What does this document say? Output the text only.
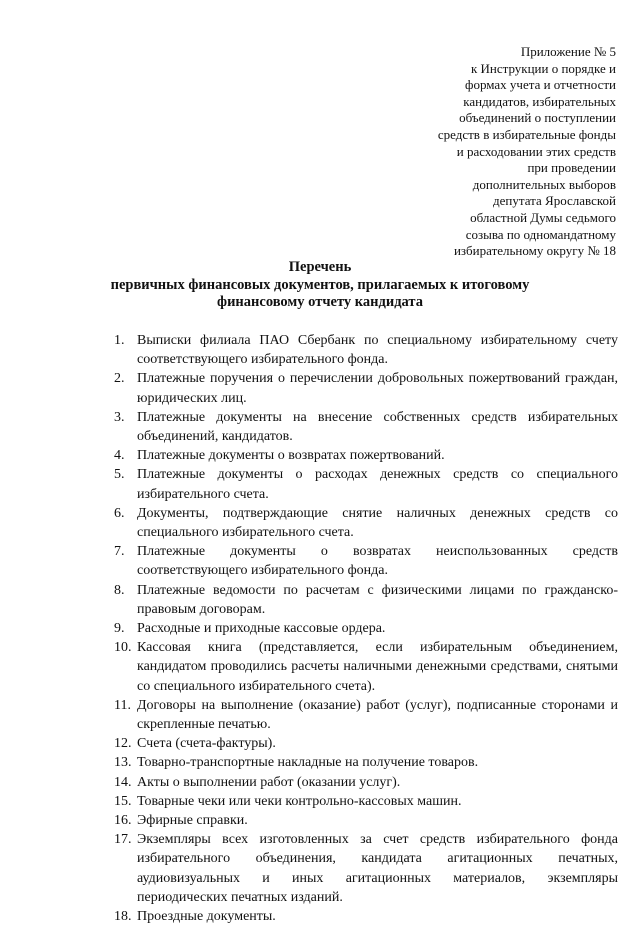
Приложение № 5
к Инструкции о порядке и
формах учета и отчетности
кандидатов, избирательных
объединений о поступлении
средств в избирательные фонды
и расходовании этих средств
при проведении
дополнительных выборов
депутата Ярославской
областной Думы седьмого
созыва по одномандатному
избирательному округу № 18
Перечень
первичных финансовых документов, прилагаемых к итоговому
финансовому отчету кандидата
1. Выписки филиала ПАО Сбербанк по специальному избирательному счету соответствующего избирательного фонда.
2. Платежные поручения о перечислении добровольных пожертвований граждан, юридических лиц.
3. Платежные документы на внесение собственных средств избирательных объединений, кандидатов.
4. Платежные документы о возвратах пожертвований.
5. Платежные документы о расходах денежных средств со специального избирательного счета.
6. Документы, подтверждающие снятие наличных денежных средств со специального избирательного счета.
7. Платежные документы о возвратах неиспользованных средств соответствующего избирательного фонда.
8. Платежные ведомости по расчетам с физическими лицами по гражданско-правовым договорам.
9. Расходные и приходные кассовые ордера.
10. Кассовая книга (представляется, если избирательным объединением, кандидатом проводились расчеты наличными денежными средствами, снятыми со специального избирательного счета).
11. Договоры на выполнение (оказание) работ (услуг), подписанные сторонами и скрепленные печатью.
12. Счета (счета-фактуры).
13. Товарно-транспортные накладные на получение товаров.
14. Акты о выполнении работ (оказании услуг).
15. Товарные чеки или чеки контрольно-кассовых машин.
16. Эфирные справки.
17. Экземпляры всех изготовленных за счет средств избирательного фонда избирательного объединения, кандидата агитационных печатных, аудиовизуальных и иных агитационных материалов, экземпляры периодических печатных изданий.
18. Проездные документы.
